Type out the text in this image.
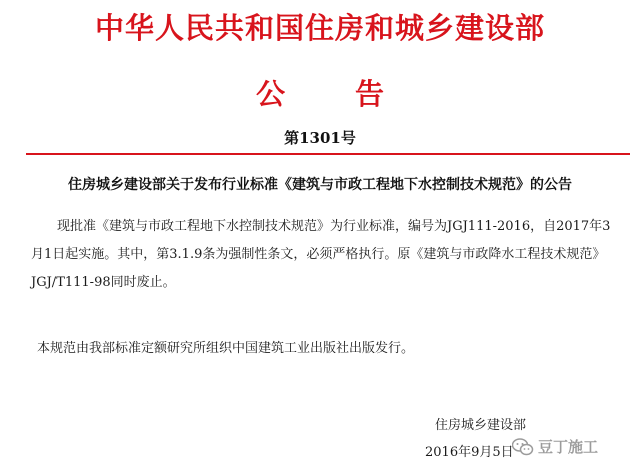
中华人民共和国住房和城乡建设部
公告
第1301号
住房城乡建设部关于发布行业标准《建筑与市政工程地下水控制技术规范》的公告
现批准《建筑与市政工程地下水控制技术规范》为行业标准，编号为JGJ111-2016，自2017年3月1日起实施。其中，第3.1.9条为强制性条文，必须严格执行。原《建筑与市政降水工程技术规范》JGJ/T111-98同时废止。
本规范由我部标准定额研究所组织中国建筑工业出版社出版发行。
住房城乡建设部
2016年9月5日 豆丁施工
